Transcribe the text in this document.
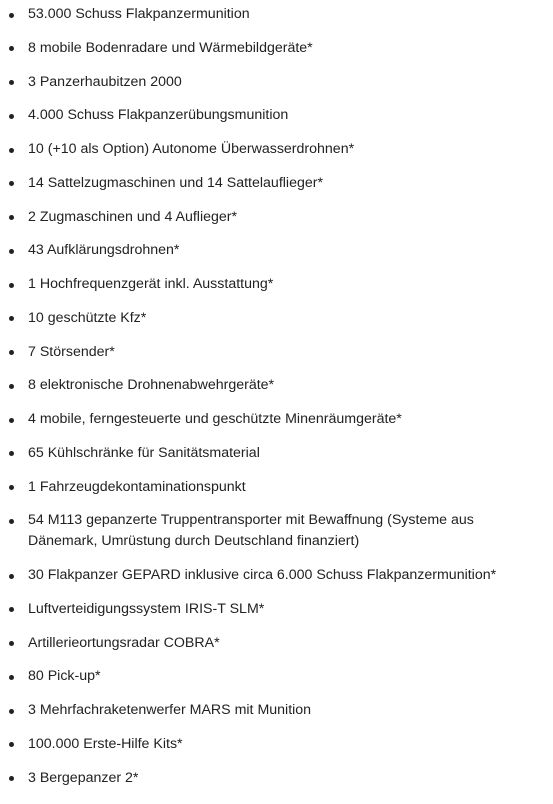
53.000 Schuss Flakpanzermunition
8 mobile Bodenradare und Wärmebildgeräte*
3 Panzerhaubitzen 2000
4.000 Schuss Flakpanzerübungsmunition
10 (+10 als Option) Autonome Überwasserdrohnen*
14 Sattelzugmaschinen und 14 Sattelauflieger*
2 Zugmaschinen und 4 Auflieger*
43 Aufklärungsdrohnen*
1 Hochfrequenzgerät inkl. Ausstattung*
10 geschützte Kfz*
7 Störsender*
8 elektronische Drohnenabwehrgeräte*
4 mobile, ferngesteuerte und geschützte Minenräumgeräte*
65 Kühlschränke für Sanitätsmaterial
1 Fahrzeugdekontaminationspunkt
54 M113 gepanzerte Truppentransporter mit Bewaffnung (Systeme aus Dänemark, Umrüstung durch Deutschland finanziert)
30 Flakpanzer GEPARD inklusive circa 6.000 Schuss Flakpanzermunition*
Luftverteidigungssystem IRIS-T SLM*
Artillerieortungsradar COBRA*
80 Pick-up*
3 Mehrfachraketenwerfer MARS mit Munition
100.000 Erste-Hilfe Kits*
3 Bergepanzer 2*
